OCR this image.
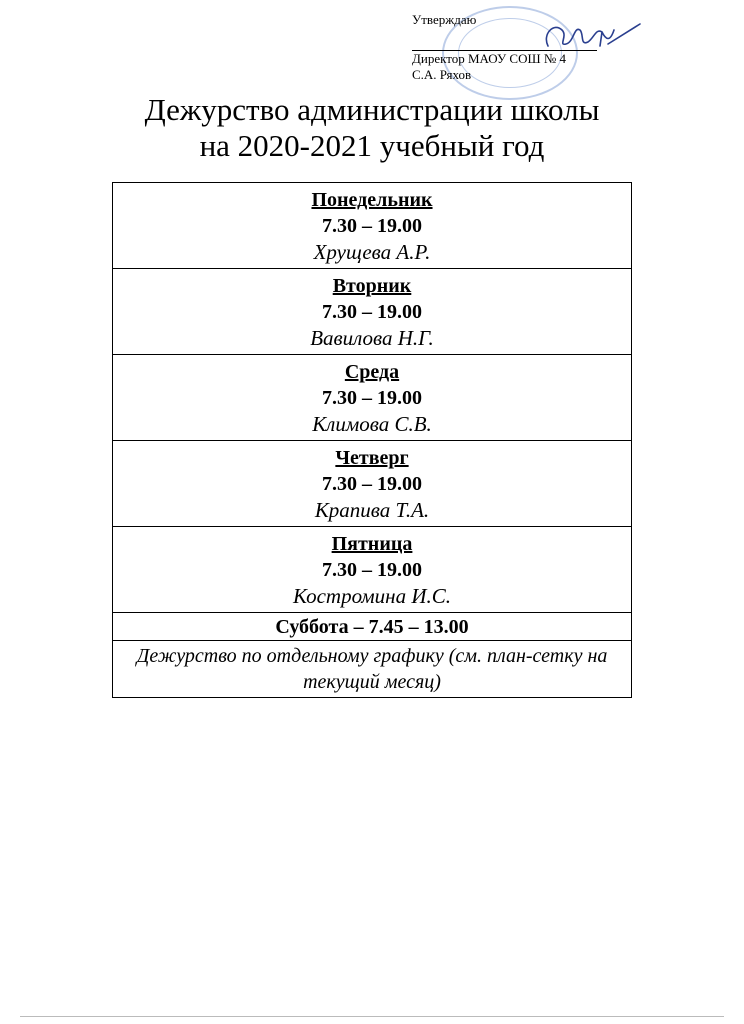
Утверждаю
Директор МАОУ СОШ № 4
С.А. Ряхов
Дежурство администрации школы
на 2020-2021 учебный год
Понедельник
7.30 – 19.00
Хрущева А.Р.

Вторник
7.30 – 19.00
Вавилова Н.Г.

Среда
7.30 – 19.00
Климова С.В.

Четверг
7.30 – 19.00
Крапива Т.А.

Пятница
7.30 – 19.00
Костромина И.С.

Суббота – 7.45 – 13.00
Дежурство по отдельному графику (см. план-сетку на текущий месяц)
